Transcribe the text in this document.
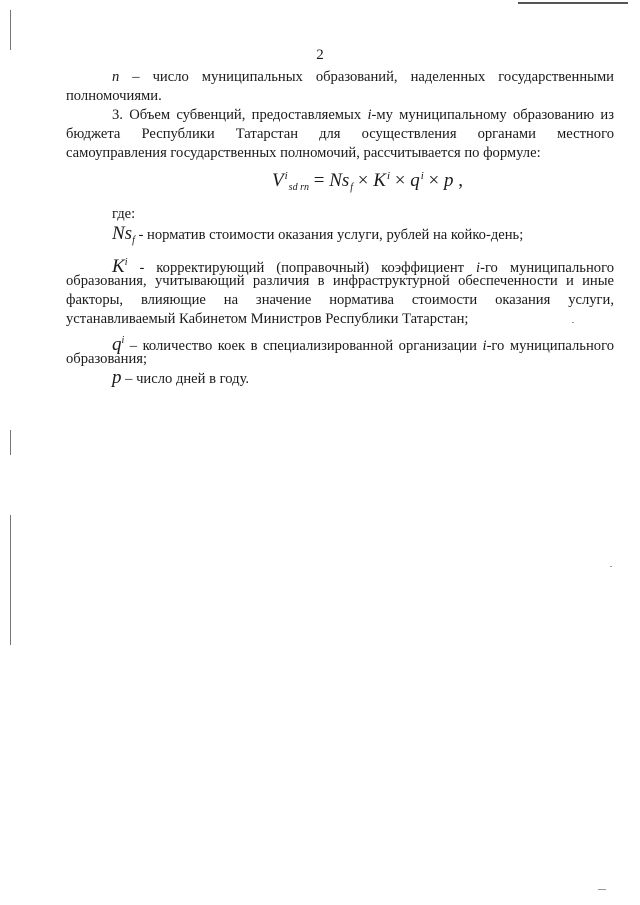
2
n – число муниципальных образований, наделенных государственными
полномочиями.
3. Объем субвенций, предоставляемых i-му муниципальному образованию из
бюджета Республики Татарстан для осуществления органами местного
самоуправления государственных полномочий, рассчитывается по формуле:
$V^i_{sd rn} = Ns_f \times K^i \times q^i \times p$ ,
где:
$Ns_f$ - норматив стоимости оказания услуги, рублей на койко-день;
$K^i$ - корректирующий (поправочный) коэффициент i-го муниципального
образования, учитывающий различия в инфраструктурной обеспеченности и иные
факторы, влияющие на значение норматива стоимости оказания услуги,
устанавливаемый Кабинетом Министров Республики Татарстан;
$q^i$ – количество коек в специализированной организации i-го муниципального
образования;
p – число дней в году.
